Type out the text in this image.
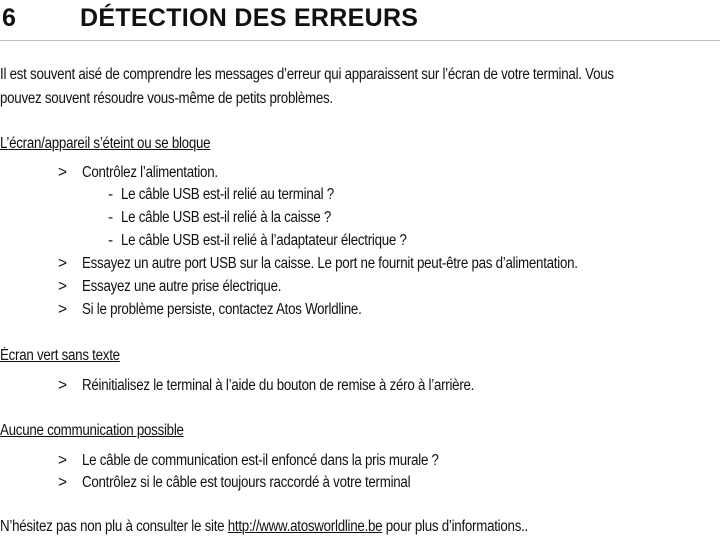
6	DÉTECTION DES ERREURS
Il est souvent aisé de comprendre les messages d’erreur qui apparaissent sur l’écran de votre terminal. Vous
pouvez souvent résoudre vous-même de petits problèmes.
L’écran/appareil s’éteint ou se bloque
> Contrôlez l’alimentation.
- Le câble USB est-il relié au terminal ?
- Le câble USB est-il relié à la caisse ?
- Le câble USB est-il relié à l’adaptateur électrique ?
> Essayez un autre port USB sur la caisse. Le port ne fournit peut-être pas d’alimentation.
> Essayez une autre prise électrique.
> Si le problème persiste, contactez Atos Worldline.
Écran vert sans texte
> Réinitialisez le terminal à l’aide du bouton de remise à zéro à l’arrière.
Aucune communication possible
> Le câble de communication est-il enfoncé dans la pris murale ?
> Contrôlez si le câble est toujours raccordé à votre terminal
N’hésitez pas non plu à consulter le site http://www.atosworldline.be pour plus d’informations..
